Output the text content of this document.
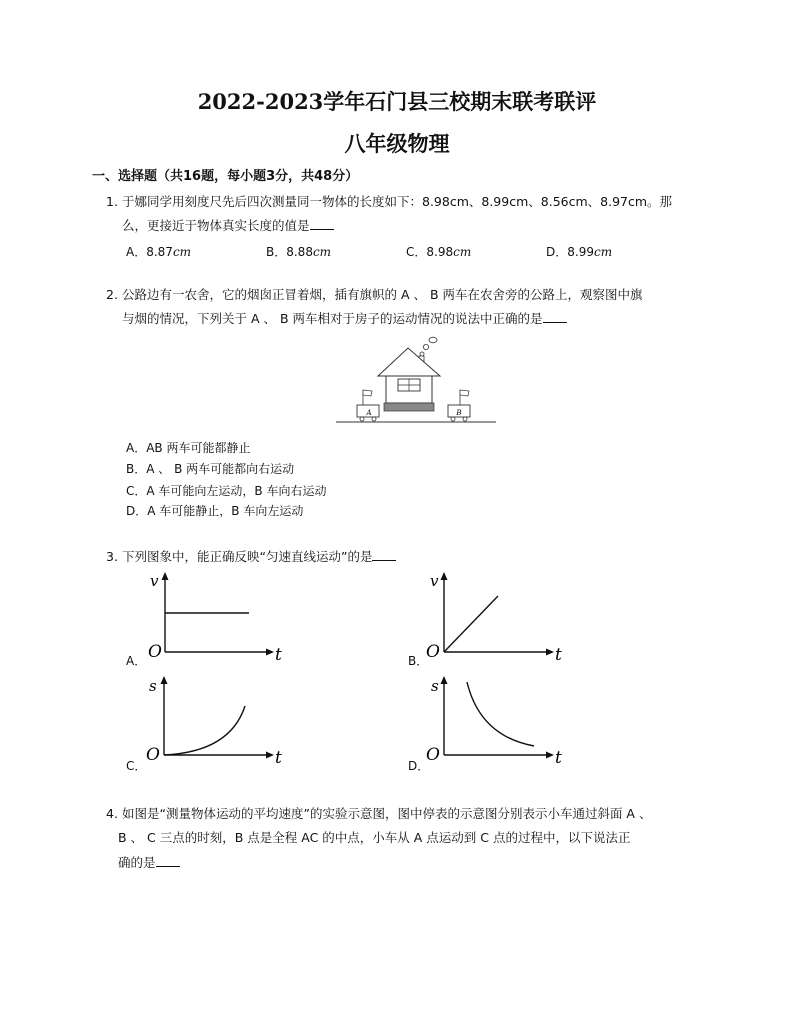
2022-2023学年石门县三校期末联考联评
八年级物理
一、选择题（共16题，每小题3分，共48分）
1. 于娜同学用刻度尺先后四次测量同一物体的长度如下：8.98cm、8.99cm、8.56cm、8.97cm。那
么，更接近于物体真实长度的值是
A．8.87cm	B．8.88cm	C．8.98cm	D．8.99cm
2. 公路边有一农舍，它的烟囱正冒着烟，插有旗帜的 A 、 B 两车在农舍旁的公路上，观察图中旗
与烟的情况，下列关于 A 、 B 两车相对于房子的运动情况的说法中正确的是
A	B
A．AB 两车可能都静止
B．A 、 B 两车可能都向右运动
C．A 车可能向左运动，B 车向右运动
D．A 车可能静止，B 车向左运动
3. 下列图象中，能正确反映“匀速直线运动”的是
v
O	t
A．
v
O	t
B．
s
O	t
C．
s
O	t
D．
4. 如图是“测量物体运动的平均速度”的实验示意图，图中停表的示意图分别表示小车通过斜面 A 、
B 、 C 三点的时刻，B 点是全程 AC 的中点，小车从 A 点运动到 C 点的过程中，以下说法正
确的是
